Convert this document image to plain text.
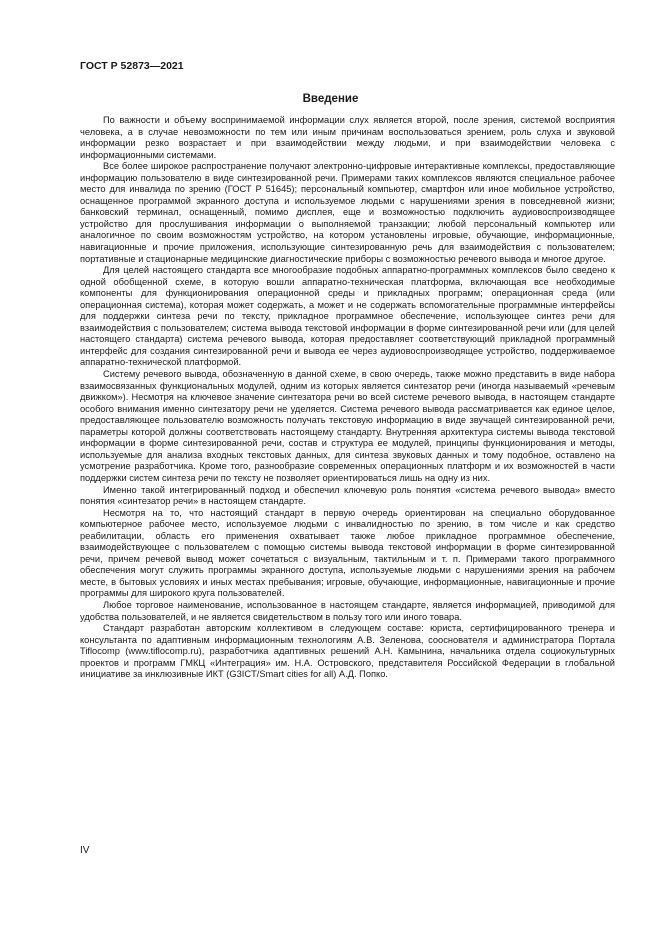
ГОСТ Р 52873—2021
Введение

По важности и объему воспринимаемой информации слух является второй, после зрения, системой восприятия человека, а в случае невозможности по тем или иным причинам воспользоваться зрением, роль слуха и звуковой информации резко возрастает и при взаимодействии между людьми, и при взаимодействии человека с информационными системами.

Все более широкое распространение получают электронно-цифровые интерактивные комплексы, предоставляющие информацию пользователю в виде синтезированной речи. Примерами таких комплексов являются специальное рабочее место для инвалида по зрению (ГОСТ Р 51645); персональный компьютер, смартфон или иное мобильное устройство, оснащенное программой экранного доступа и используемое людьми с нарушениями зрения в повседневной жизни; банковский терминал, оснащенный, помимо дисплея, еще и возможностью подключить аудиовоспроизводящее устройство для прослушивания информации о выполняемой транзакции; любой персональный компьютер или аналогичное по своим возможностям устройство, на котором установлены игровые, обучающие, информационные, навигационные и прочие приложения, использующие синтезированную речь для взаимодействия с пользователем; портативные и стационарные медицинские диагностические приборы с возможностью речевого вывода и многое другое.

Для целей настоящего стандарта все многообразие подобных аппаратно-программных комплексов было сведено к одной обобщенной схеме, в которую вошли аппаратно-техническая платформа, включающая все необходимые компоненты для функционирования операционной среды и прикладных программ; операционная среда (или операционная система), которая может содержать, а может и не содержать вспомогательные программные интерфейсы для поддержки синтеза речи по тексту, прикладное программное обеспечение, использующее синтез речи для взаимодействия с пользователем; система вывода текстовой информации в форме синтезированной речи или (для целей настоящего стандарта) система речевого вывода, которая предоставляет соответствующий прикладной программный интерфейс для создания синтезированной речи и вывода ее через аудиовоспроизводящее устройство, поддерживаемое аппаратно-технической платформой.

Систему речевого вывода, обозначенную в данной схеме, в свою очередь, также можно представить в виде набора взаимосвязанных функциональных модулей, одним из которых является синтезатор речи (иногда называемый «речевым движком»). Несмотря на ключевое значение синтезатора речи во всей системе речевого вывода, в настоящем стандарте особого внимания именно синтезатору речи не уделяется. Система речевого вывода рассматривается как единое целое, предоставляющее пользователю возможность получать текстовую информацию в виде звучащей синтезированной речи, параметры которой должны соответствовать настоящему стандарту. Внутренняя архитектура системы вывода текстовой информации в форме синтезированной речи, состав и структура ее модулей, принципы функционирования и методы, используемые для анализа входных текстовых данных, для синтеза звуковых данных и тому подобное, оставлено на усмотрение разработчика. Кроме того, разнообразие современных операционных платформ и их возможностей в части поддержки систем синтеза речи по тексту не позволяет ориентироваться лишь на одну из них.

Именно такой интегрированный подход и обеспечил ключевую роль понятия «система речевого вывода» вместо понятия «синтезатор речи» в настоящем стандарте.

Несмотря на то, что настоящий стандарт в первую очередь ориентирован на специально оборудованное компьютерное рабочее место, используемое людьми с инвалидностью по зрению, в том числе и как средство реабилитации, область его применения охватывает также любое прикладное программное обеспечение, взаимодействующее с пользователем с помощью системы вывода текстовой информации в форме синтезированной речи, причем речевой вывод может сочетаться с визуальным, тактильным и т. п. Примерами такого программного обеспечения могут служить программы экранного доступа, используемые людьми с нарушениями зрения на рабочем месте, в бытовых условиях и иных местах пребывания; игровые, обучающие, информационные, навигационные и прочие программы для широкого круга пользователей.

Любое торговое наименование, использованное в настоящем стандарте, является информацией, приводимой для удобства пользователей, и не является свидетельством в пользу того или иного товара.

Стандарт разработан авторским коллективом в следующем составе: юриста, сертифицированного тренера и консультанта по адаптивным информационным технологиям А.В. Зеленова, соосноватeля и администратора Портала Tiflocomp (www.tiflocomp.ru), разработчика адаптивных решений А.Н. Камынина, начальника отдела социокультурных проектов и программ ГМКЦ «Интеграция» им. Н.А. Островского, представителя Российской Федерации в глобальной инициативе за инклюзивные ИКТ (G3ICT/Smart cities for all) А.Д. Попко.

IV
